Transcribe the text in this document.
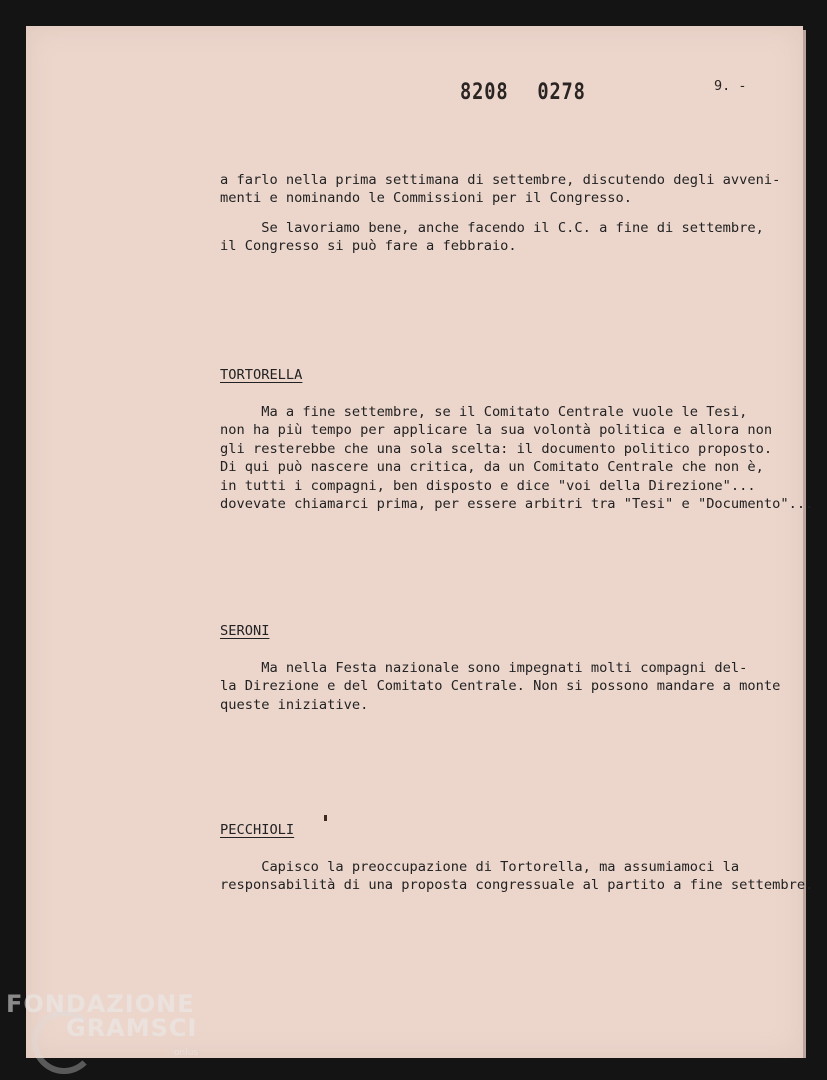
8208 0278	9. -
a farlo nella prima settimana di settembre, discutendo degli avveni-
menti e nominando le Commissioni per il Congresso.
Se lavoriamo bene, anche facendo il C.C. a fine di settembre,
il Congresso si può fare a febbraio.
TORTORELLA
Ma a fine settembre, se il Comitato Centrale vuole le Tesi,
non ha più tempo per applicare la sua volontà politica e allora non
gli resterebbe che una sola scelta: il documento politico proposto.
Di qui può nascere una critica, da un Comitato Centrale che non è,
in tutti i compagni, ben disposto e dice "voi della Direzione"...
dovevate chiamarci prima, per essere arbitri tra "Tesi" e "Documento"...
SERONI
Ma nella Festa nazionale sono impegnati molti compagni del-
la Direzione e del Comitato Centrale. Non si possono mandare a monte
queste iniziative.
PECCHIOLI
Capisco la preoccupazione di Tortorella, ma assumiamoci la
responsabilità di una proposta congressuale al partito a fine settembre.
FONDAZIONE
GRAMSCI
onlus
